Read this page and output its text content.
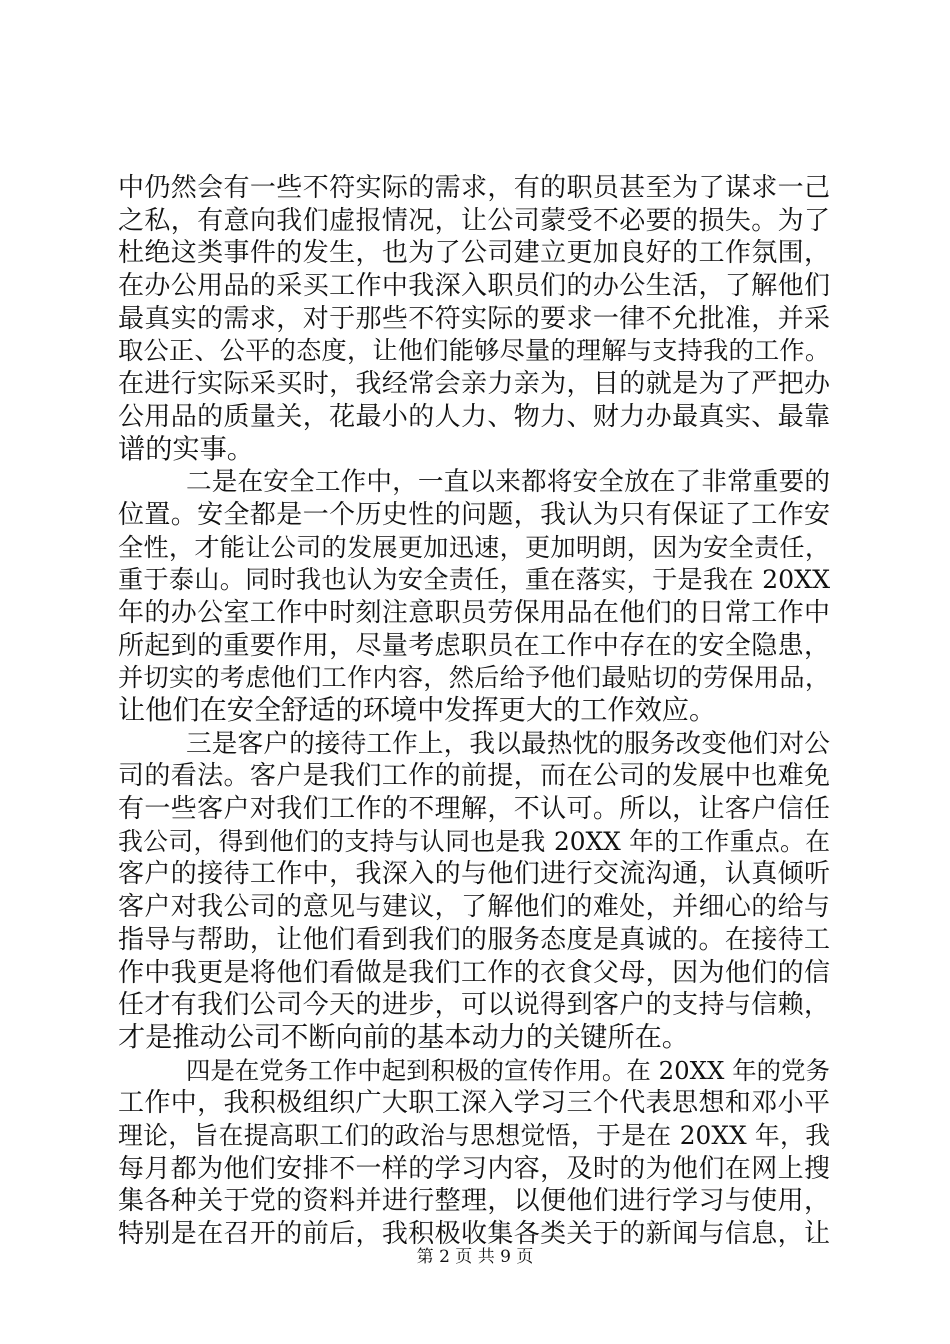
中仍然会有一些不符实际的需求，有的职员甚至为了谋求一己
之私，有意向我们虚报情况，让公司蒙受不必要的损失。为了
杜绝这类事件的发生，也为了公司建立更加良好的工作氛围，
在办公用品的采买工作中我深入职员们的办公生活，了解他们
最真实的需求，对于那些不符实际的要求一律不允批准，并采
取公正、公平的态度，让他们能够尽量的理解与支持我的工作。
在进行实际采买时，我经常会亲力亲为，目的就是为了严把办
公用品的质量关，花最小的人力、物力、财力办最真实、最靠
谱的实事。
二是在安全工作中，一直以来都将安全放在了非常重要的
位置。安全都是一个历史性的问题，我认为只有保证了工作安
全性，才能让公司的发展更加迅速，更加明朗，因为安全责任，
重于泰山。同时我也认为安全责任，重在落实，于是我在 20XX
年的办公室工作中时刻注意职员劳保用品在他们的日常工作中
所起到的重要作用，尽量考虑职员在工作中存在的安全隐患，
并切实的考虑他们工作内容，然后给予他们最贴切的劳保用品，
让他们在安全舒适的环境中发挥更大的工作效应。
三是客户的接待工作上，我以最热忱的服务改变他们对公
司的看法。客户是我们工作的前提，而在公司的发展中也难免
有一些客户对我们工作的不理解，不认可。所以，让客户信任
我公司，得到他们的支持与认同也是我 20XX 年的工作重点。在
客户的接待工作中，我深入的与他们进行交流沟通，认真倾听
客户对我公司的意见与建议，了解他们的难处，并细心的给与
指导与帮助，让他们看到我们的服务态度是真诚的。在接待工
作中我更是将他们看做是我们工作的衣食父母，因为他们的信
任才有我们公司今天的进步，可以说得到客户的支持与信赖，
才是推动公司不断向前的基本动力的关键所在。
四是在党务工作中起到积极的宣传作用。在 20XX 年的党务
工作中，我积极组织广大职工深入学习三个代表思想和邓小平
理论，旨在提高职工们的政治与思想觉悟，于是在 20XX 年，我
每月都为他们安排不一样的学习内容，及时的为他们在网上搜
集各种关于党的资料并进行整理，以便他们进行学习与使用，
特别是在召开的前后，我积极收集各类关于的新闻与信息，让
第 2 页 共 9 页
